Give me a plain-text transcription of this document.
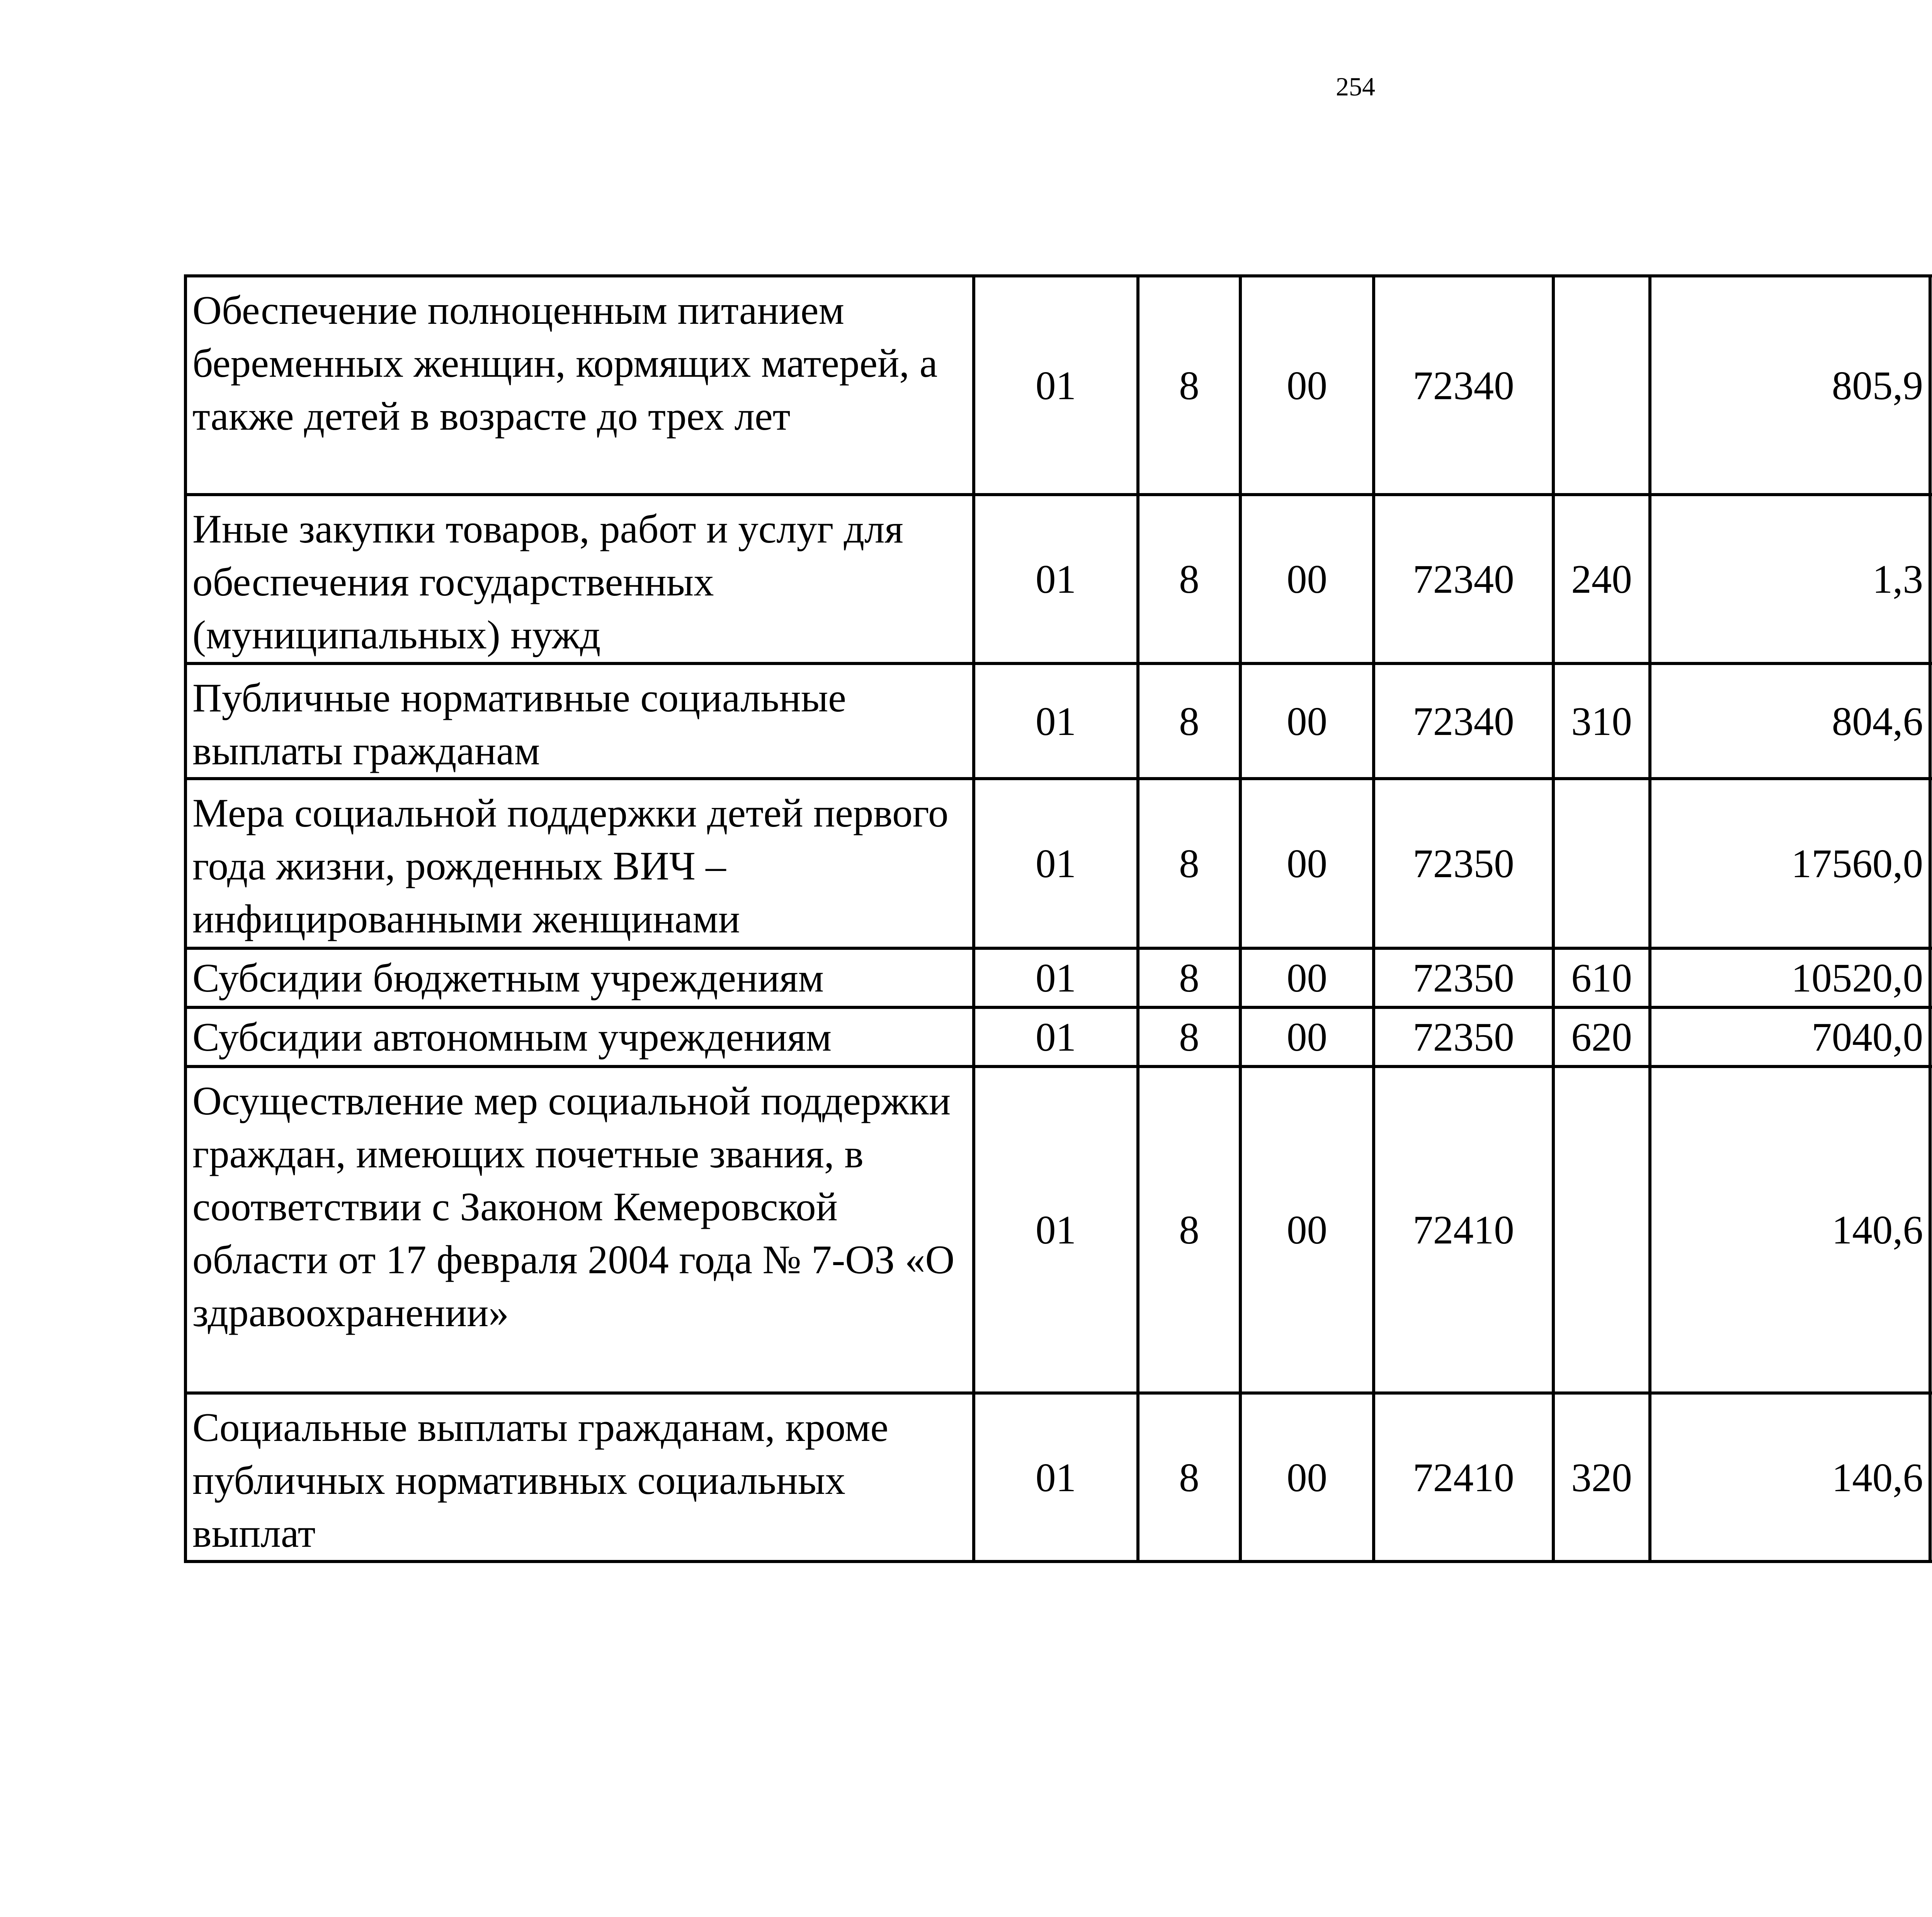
254
Обеспечение полноценным питанием беременных женщин, кормящих матерей, а также детей в возрасте до трех лет	01	8	00	72340		805,9		
Иные закупки товаров, работ и услуг для обеспечения государственных (муниципальных) нужд	01	8	00	72340	240	1,3		
Публичные нормативные социальные выплаты гражданам	01	8	00	72340	310	804,6		
Мера социальной поддержки детей первого года жизни, рожденных ВИЧ – инфицированными женщинами	01	8	00	72350		17560,0		
Субсидии бюджетным учреждениям	01	8	00	72350	610	10520,0		
Субсидии автономным учреждениям	01	8	00	72350	620	7040,0		
Осуществление мер социальной поддержки граждан, имеющих почетные звания, в соответствии с Законом Кемеровской области от 17 февраля 2004 года № 7-ОЗ «О здравоохранении»	01	8	00	72410		140,6		
Социальные выплаты гражданам, кроме публичных нормативных социальных выплат	01	8	00	72410	320	140,6		
